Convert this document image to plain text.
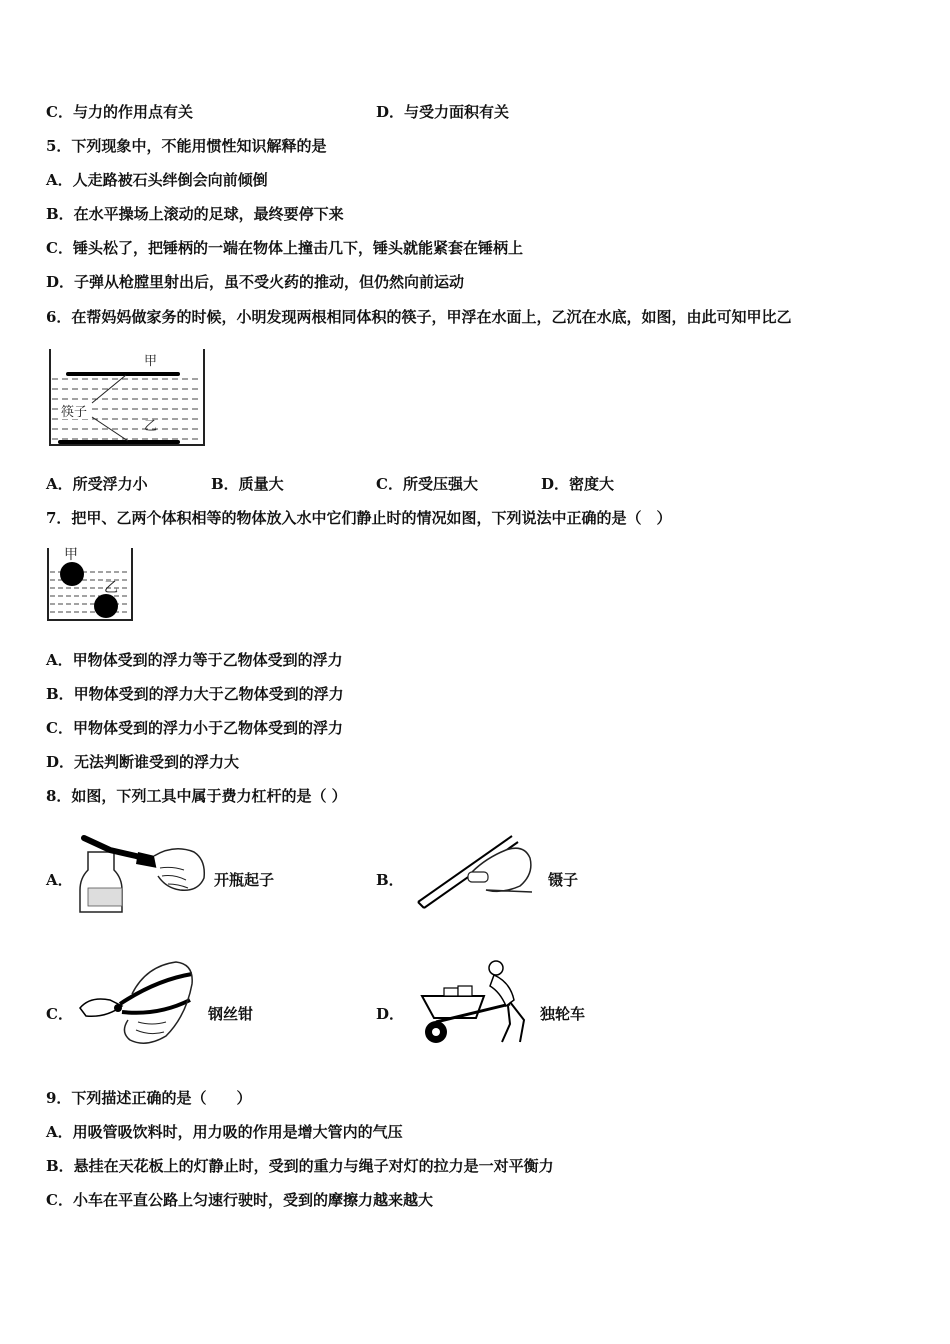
C．与力的作用点有关	D．与受力面积有关
5．下列现象中，不能用惯性知识解释的是
A．人走路被石头绊倒会向前倾倒
B．在水平操场上滚动的足球，最终要停下来
C．锤头松了，把锤柄的一端在物体上撞击几下，锤头就能紧套在锤柄上
D．子弹从枪膛里射出后，虽不受火药的推动，但仍然向前运动
6．在帮妈妈做家务的时候，小明发现两根相同体积的筷子，甲浮在水面上，乙沉在水底，如图，由此可知甲比乙
甲
乙
筷子
A．所受浮力小	B．质量大	C．所受压强大	D．密度大
7．把甲、乙两个体积相等的物体放入水中它们静止时的情况如图，下列说法中正确的是（　）
甲
乙
A．甲物体受到的浮力等于乙物体受到的浮力
B．甲物体受到的浮力大于乙物体受到的浮力
C．甲物体受到的浮力小于乙物体受到的浮力
D．无法判断谁受到的浮力大
8．如图，下列工具中属于费力杠杆的是（ ）
A．	开瓶起子	B．	镊子
C．	钢丝钳	D．	独轮车
9．下列描述正确的是（　　）
A．用吸管吸饮料时，用力吸的作用是增大管内的气压
B．悬挂在天花板上的灯静止时，受到的重力与绳子对灯的拉力是一对平衡力
C．小车在平直公路上匀速行驶时，受到的摩擦力越来越大
